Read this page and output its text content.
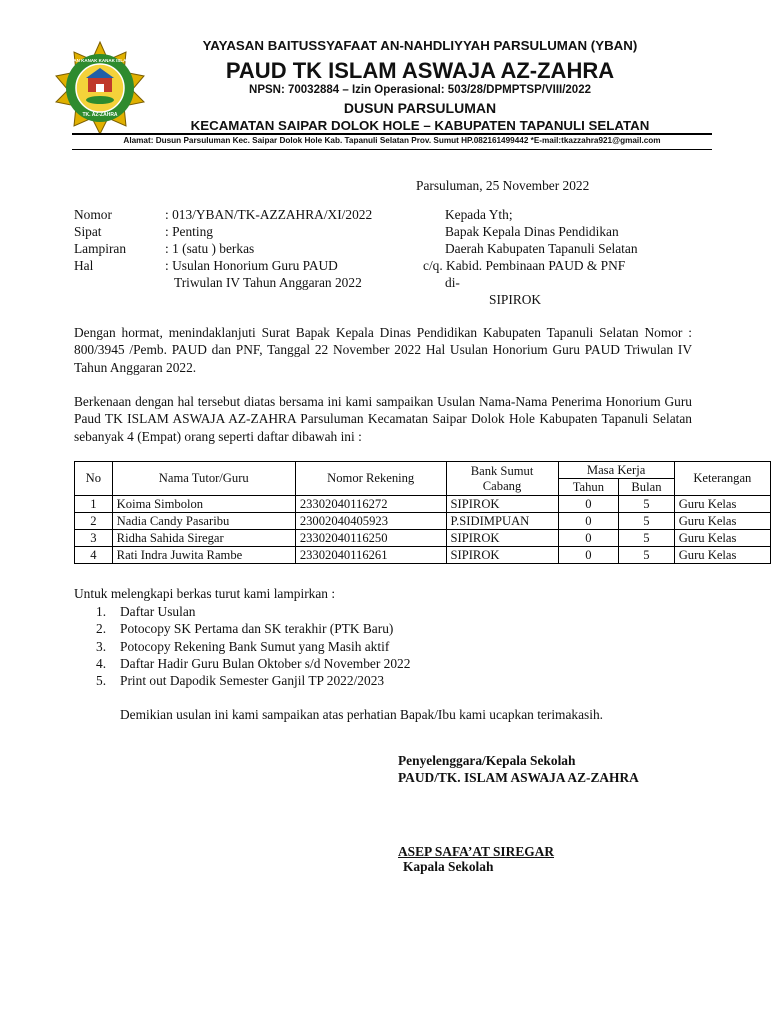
TAMAN KANAK KANAK ISLAM ASWAJA
TK. AZ-ZAHRA
YAYASAN BAITUSSYAFAAT AN-NAHDLIYYAH PARSULUMAN (YBAN)
PAUD TK ISLAM ASWAJA AZ-ZAHRA
NPSN: 70032884 – Izin Operasional: 503/28/DPMPTSP/VIII/2022
DUSUN PARSULUMAN
KECAMATAN SAIPAR DOLOK HOLE – KABUPATEN TAPANULI SELATAN
Alamat: Dusun Parsuluman Kec. Saipar Dolok Hole Kab. Tapanuli Selatan Prov. Sumut HP.082161499442 *E-mail:tkazzahra921@gmail.com
Parsuluman, 25 November 2022
Nomor	: 013/YBAN/TK-AZZAHRA/XI/2022
Sipat	: Penting
Lampiran	: 1 (satu ) berkas
Hal	: Usulan Honorium Guru PAUD
Triwulan IV Tahun Anggaran 2022
Kepada Yth;
Bapak Kepala Dinas Pendidikan
Daerah Kabupaten Tapanuli Selatan
c/q. Kabid. Pembinaan PAUD & PNF
di-
SIPIROK
Dengan hormat, menindaklanjuti Surat Bapak Kepala Dinas Pendidikan Kabupaten Tapanuli Selatan Nomor : 800/3945 /Pemb. PAUD dan PNF, Tanggal 22 November 2022 Hal Usulan Honorium Guru PAUD Triwulan IV Tahun Anggaran 2022.
Berkenaan dengan hal tersebut diatas bersama ini kami sampaikan Usulan Nama-Nama Penerima Honorium Guru Paud TK ISLAM ASWAJA AZ-ZAHRA Parsuluman Kecamatan Saipar Dolok Hole Kabupaten Tapanuli Selatan sebanyak 4 (Empat) orang seperti daftar dibawah ini :
No	Nama Tutor/Guru	Nomor Rekening	Bank Sumut Cabang	Masa Kerja		Keterangan
				Tahun	Bulan	
1	Koima Simbolon	23302040116272	SIPIROK	0	5	Guru Kelas
2	Nadia Candy Pasaribu	23002040405923	P.SIDIMPUAN	0	5	Guru Kelas
3	Ridha Sahida Siregar	23302040116250	SIPIROK	0	5	Guru Kelas
4	Rati Indra Juwita Rambe	23302040116261	SIPIROK	0	5	Guru Kelas
Untuk melengkapi berkas turut kami lampirkan :
1. Daftar Usulan
2. Potocopy SK Pertama dan SK terakhir (PTK Baru)
3. Potocopy Rekening Bank Sumut yang Masih aktif
4. Daftar Hadir Guru Bulan Oktober s/d November 2022
5. Print out Dapodik Semester Ganjil TP 2022/2023
Demikian usulan ini kami sampaikan atas perhatian Bapak/Ibu kami ucapkan terimakasih.
Penyelenggara/Kepala Sekolah
PAUD/TK. ISLAM ASWAJA AZ-ZAHRA
ASEP SAFA’AT SIREGAR
Kapala Sekolah
